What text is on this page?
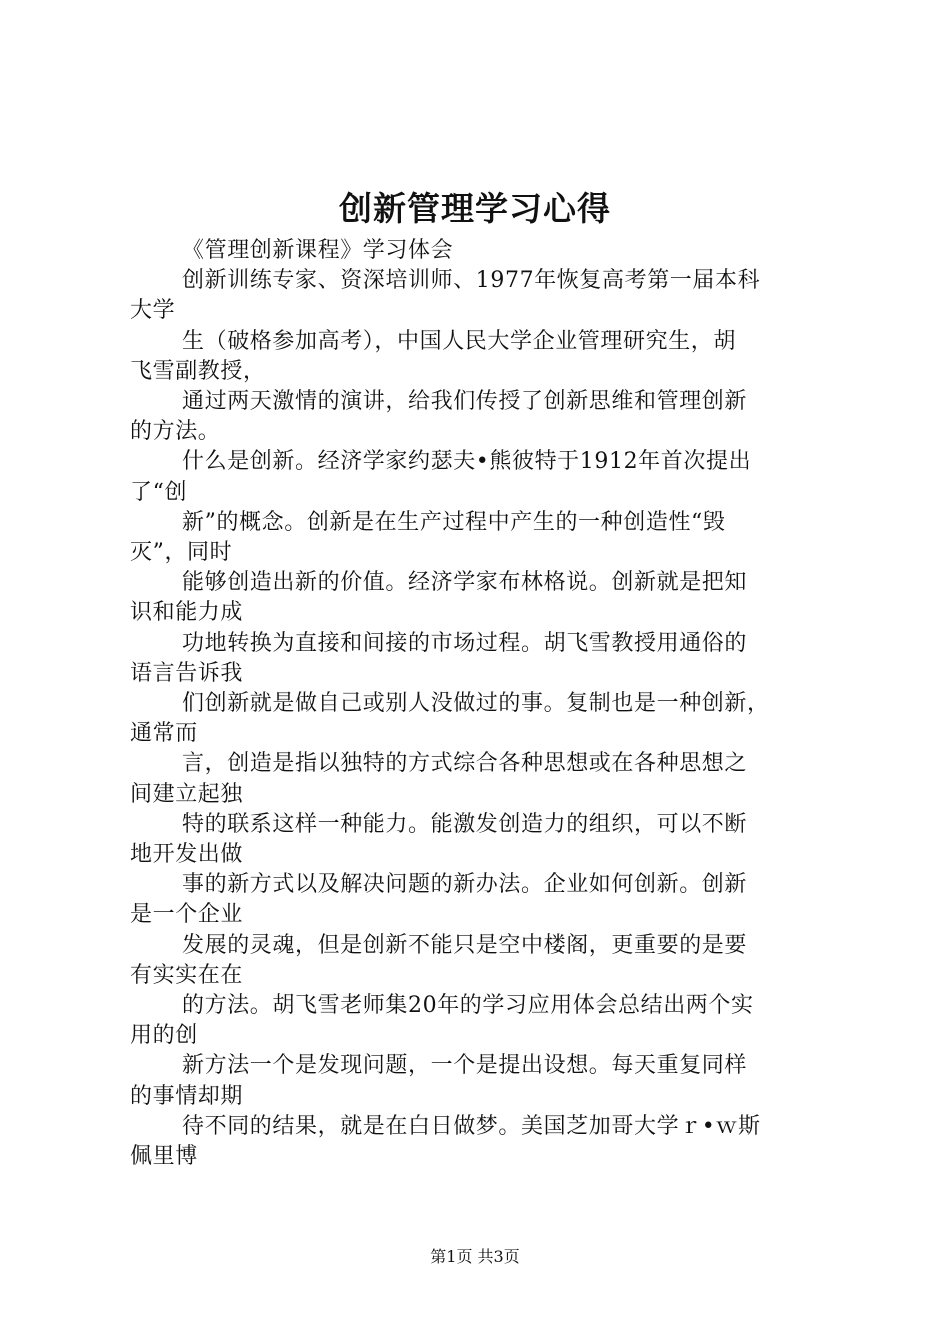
创新管理学习心得
《管理创新课程》学习体会
创新训练专家、资深培训师、1977年恢复高考第一届本科
大学
生（破格参加高考），中国人民大学企业管理研究生，胡
飞雪副教授，
通过两天激情的演讲，给我们传授了创新思维和管理创新
的方法。
什么是创新。经济学家约瑟夫•熊彼特于1912年首次提出
了“创
新”的概念。创新是在生产过程中产生的一种创造性“毁
灭”，同时
能够创造出新的价值。经济学家布林格说。创新就是把知
识和能力成
功地转换为直接和间接的市场过程。胡飞雪教授用通俗的
语言告诉我
们创新就是做自己或别人没做过的事。复制也是一种创新，
通常而
言，创造是指以独特的方式综合各种思想或在各种思想之
间建立起独
特的联系这样一种能力。能激发创造力的组织，可以不断
地开发出做
事的新方式以及解决问题的新办法。企业如何创新。创新
是一个企业
发展的灵魂，但是创新不能只是空中楼阁，更重要的是要
有实实在在
的方法。胡飞雪老师集20年的学习应用体会总结出两个实
用的创
新方法一个是发现问题，一个是提出设想。每天重复同样
的事情却期
待不同的结果，就是在白日做梦。美国芝加哥大学ｒ•ｗ斯
佩里博
第1页 共3页
